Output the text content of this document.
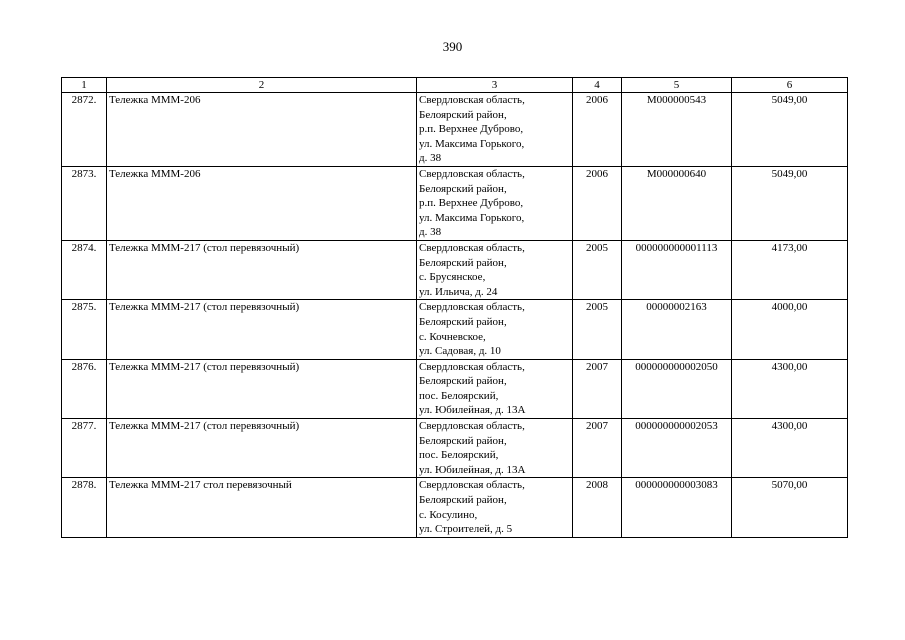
390
1	2	3	4	5	6
2872.	Тележка ММM-206	Свердловская область,
Белоярский район,
р.п. Верхнее Дуброво,
ул. Максима Горького,
д. 38	2006	М000000543	5049,00
2873.	Тележка ММM-206	Свердловская область,
Белоярский район,
р.п. Верхнее Дуброво,
ул. Максима Горького,
д. 38	2006	М000000640	5049,00
2874.	Тележка ММM-217 (стол перевязочный)	Свердловская область,
Белоярский район,
с. Брусянское,
ул. Ильича, д. 24	2005	000000000001113	4173,00
2875.	Тележка ММM-217 (стол перевязочный)	Свердловская область,
Белоярский район,
с. Кочневское,
ул. Садовая, д. 10	2005	00000002163	4000,00
2876.	Тележка ММM-217 (стол перевязочный)	Свердловская область,
Белоярский район,
пос. Белоярский,
ул. Юбилейная, д. 13А	2007	000000000002050	4300,00
2877.	Тележка ММM-217 (стол перевязочный)	Свердловская область,
Белоярский район,
пос. Белоярский,
ул. Юбилейная, д. 13А	2007	000000000002053	4300,00
2878.	Тележка ММM-217 стол перевязочный	Свердловская область,
Белоярский район,
с. Косулино,
ул. Строителей, д. 5	2008	000000000003083	5070,00
